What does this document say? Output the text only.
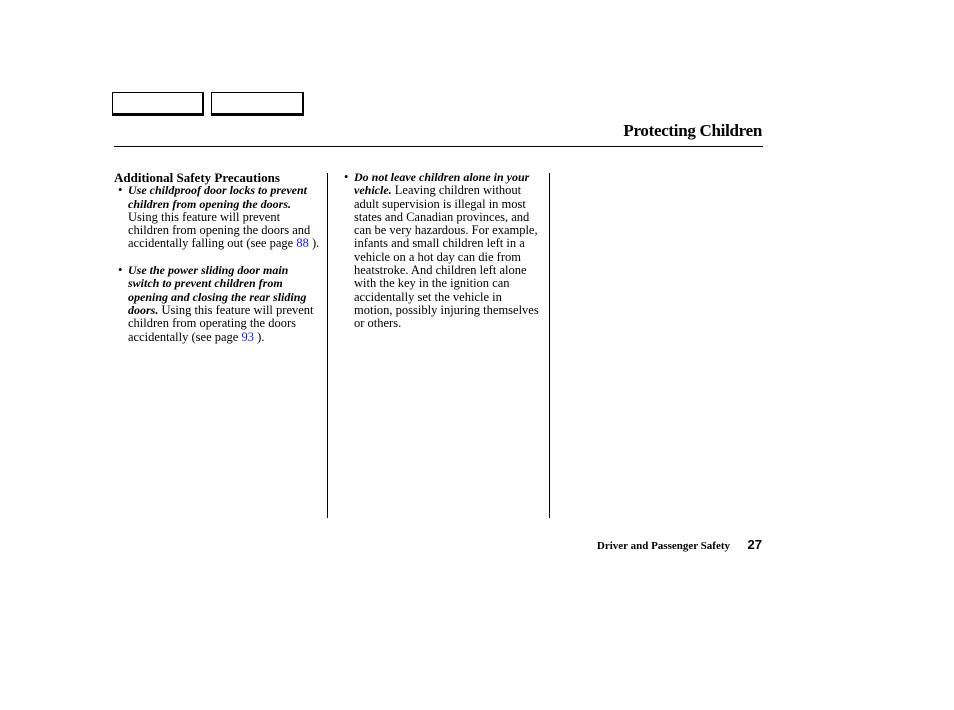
Protecting Children

Additional Safety Precautions

• Use childproof door locks to prevent children from opening the doors. Using this feature will prevent children from opening the doors and accidentally falling out (see page 88 ).

• Use the power sliding door main switch to prevent children from opening and closing the rear sliding doors. Using this feature will prevent children from operating the doors accidentally (see page 93 ).

• Do not leave children alone in your vehicle. Leaving children without adult supervision is illegal in most states and Canadian provinces, and can be very hazardous. For example, infants and small children left in a vehicle on a hot day can die from heatstroke. And children left alone with the key in the ignition can accidentally set the vehicle in motion, possibly injuring themselves or others.

Driver and Passenger Safety 27
